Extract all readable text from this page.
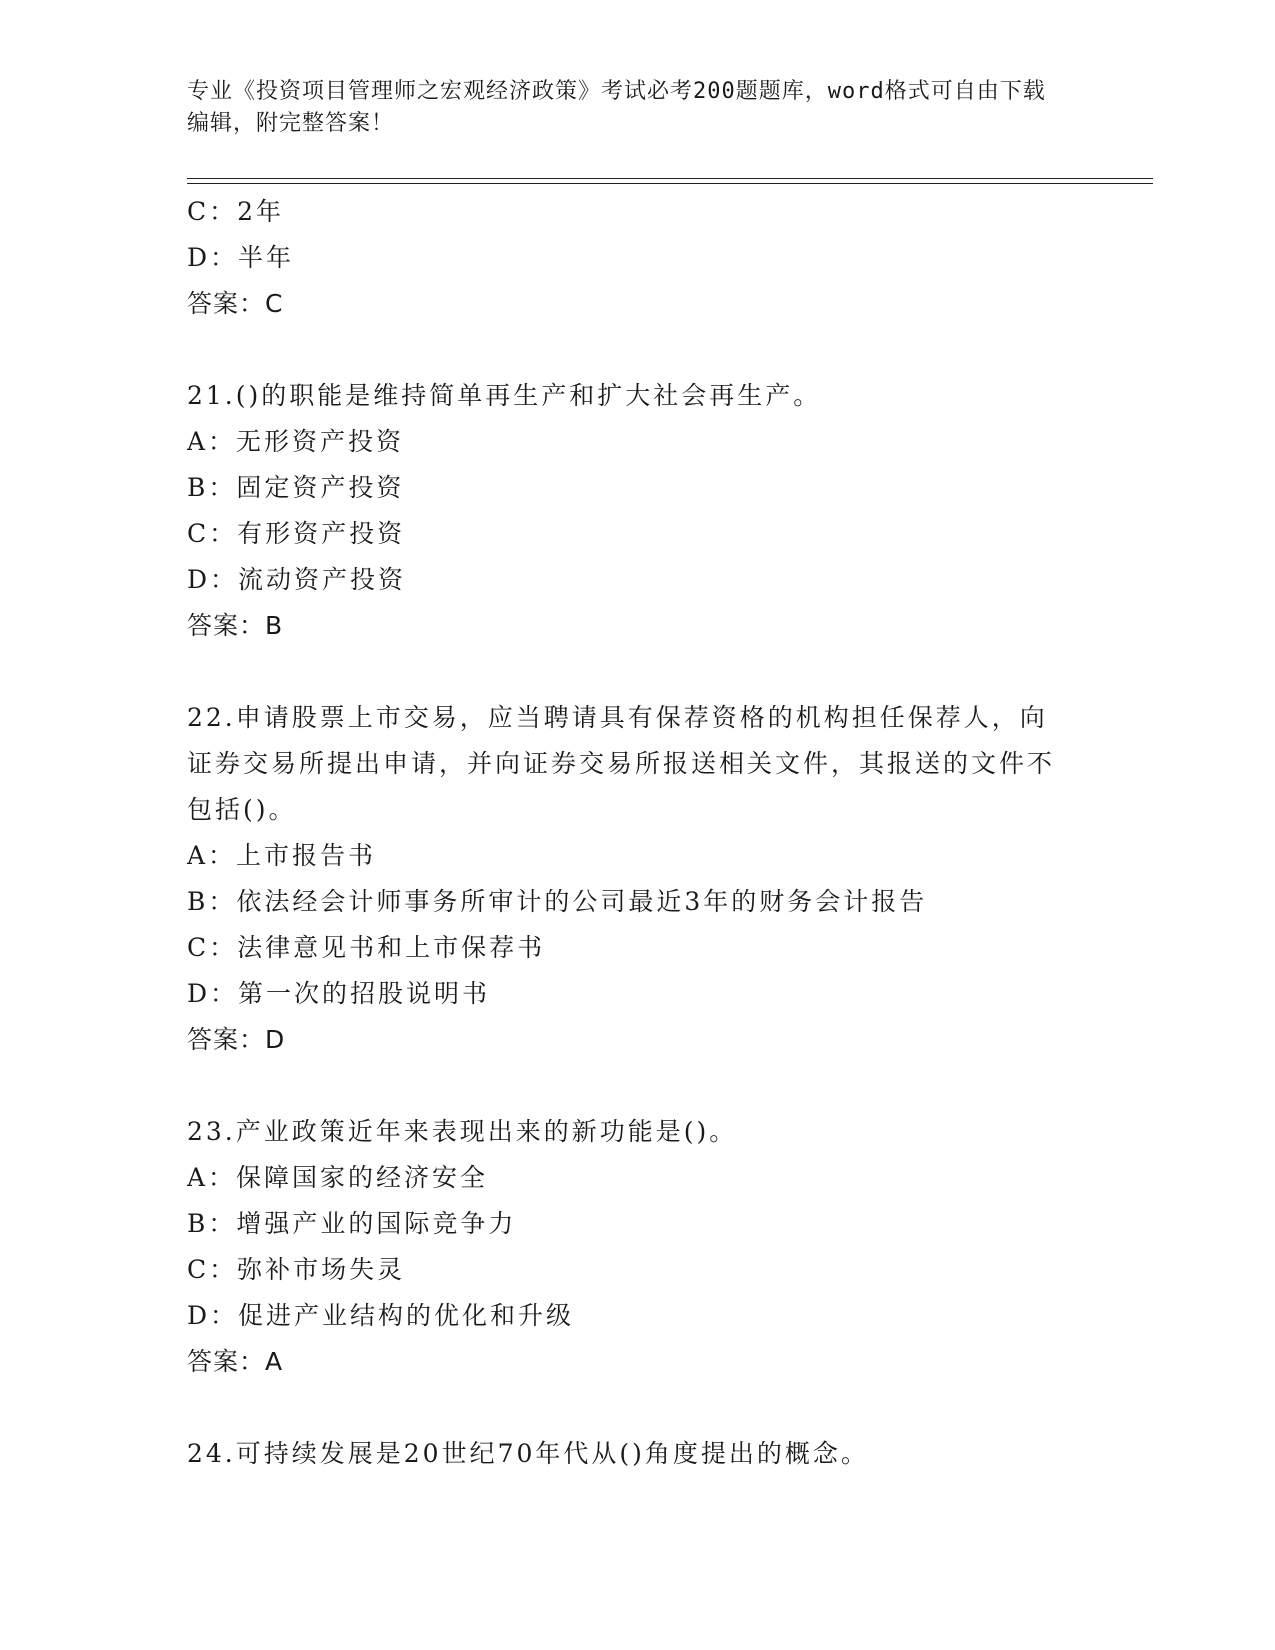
专业《投资项目管理师之宏观经济政策》考试必考200题题库，word格式可自由下载编辑，附完整答案！
C：2年
D：半年
答案：C
21.()的职能是维持简单再生产和扩大社会再生产。
A：无形资产投资
B：固定资产投资
C：有形资产投资
D：流动资产投资
答案：B
22.申请股票上市交易，应当聘请具有保荐资格的机构担任保荐人，向证券交易所提出申请，并向证券交易所报送相关文件，其报送的文件不包括()。
A：上市报告书
B：依法经会计师事务所审计的公司最近3年的财务会计报告
C：法律意见书和上市保荐书
D：第一次的招股说明书
答案：D
23.产业政策近年来表现出来的新功能是()。
A：保障国家的经济安全
B：增强产业的国际竞争力
C：弥补市场失灵
D：促进产业结构的优化和升级
答案：A
24.可持续发展是20世纪70年代从()角度提出的概念。
